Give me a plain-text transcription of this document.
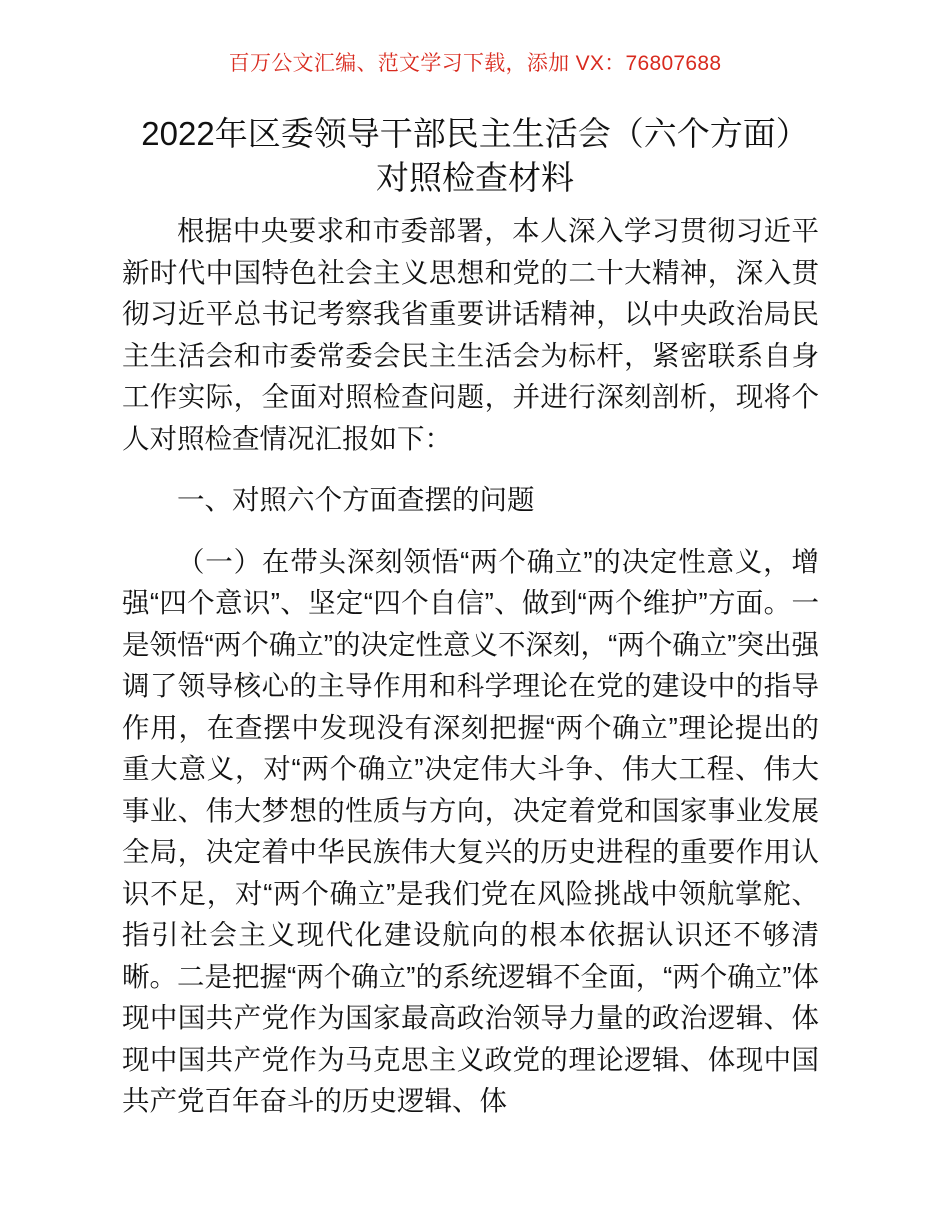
百万公文汇编、范文学习下载，添加 VX：76807688
2022年区委领导干部民主生活会（六个方面）
对照检查材料

根据中央要求和市委部署，本人深入学习贯彻习近平新时代中国特色社会主义思想和党的二十大精神，深入贯彻习近平总书记考察我省重要讲话精神，以中央政治局民主生活会和市委常委会民主生活会为标杆，紧密联系自身工作实际，全面对照检查问题，并进行深刻剖析，现将个人对照检查情况汇报如下：

一、对照六个方面查摆的问题

（一）在带头深刻领悟“两个确立”的决定性意义，增强“四个意识”、坚定“四个自信”、做到“两个维护”方面。一是领悟“两个确立”的决定性意义不深刻，“两个确立”突出强调了领导核心的主导作用和科学理论在党的建设中的指导作用，在查摆中发现没有深刻把握“两个确立”理论提出的重大意义，对“两个确立”决定伟大斗争、伟大工程、伟大事业、伟大梦想的性质与方向，决定着党和国家事业发展全局，决定着中华民族伟大复兴的历史进程的重要作用认识不足，对“两个确立”是我们党在风险挑战中领航掌舵、指引社会主义现代化建设航向的根本依据认识还不够清晰。二是把握“两个确立”的系统逻辑不全面，“两个确立”体现中国共产党作为国家最高政治领导力量的政治逻辑、体现中国共产党作为马克思主义政党的理论逻辑、体现中国共产党百年奋斗的历史逻辑、体
